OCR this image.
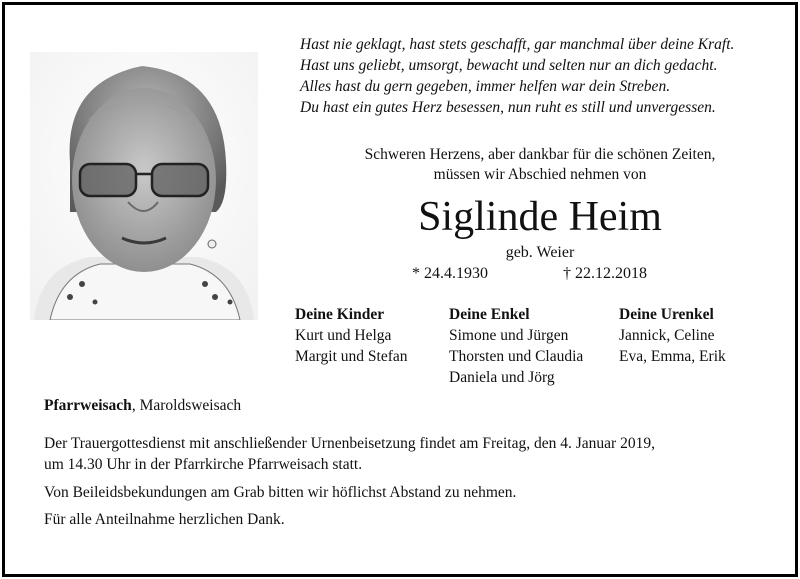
Hast nie geklagt, hast stets geschafft, gar manchmal über deine Kraft.
Hast uns geliebt, umsorgt, bewacht und selten nur an dich gedacht.
Alles hast du gern gegeben, immer helfen war dein Streben.
Du hast ein gutes Herz besessen, nun ruht es still und unvergessen.
Schweren Herzens, aber dankbar für die schönen Zeiten,
müssen wir Abschied nehmen von
Siglinde Heim
geb. Weier
* 24.4.1930	† 22.12.2018
Deine Kinder
Kurt und Helga
Margit und Stefan
Deine Enkel
Simone und Jürgen
Thorsten und Claudia
Daniela und Jörg
Deine Urenkel
Jannick, Celine
Eva, Emma, Erik
Pfarrweisach, Maroldsweisach
Der Trauergottesdienst mit anschließender Urnenbeisetzung findet am Freitag, den 4. Januar 2019,
um 14.30 Uhr in der Pfarrkirche Pfarrweisach statt.
Von Beileidsbekundungen am Grab bitten wir höflichst Abstand zu nehmen.
Für alle Anteilnahme herzlichen Dank.
